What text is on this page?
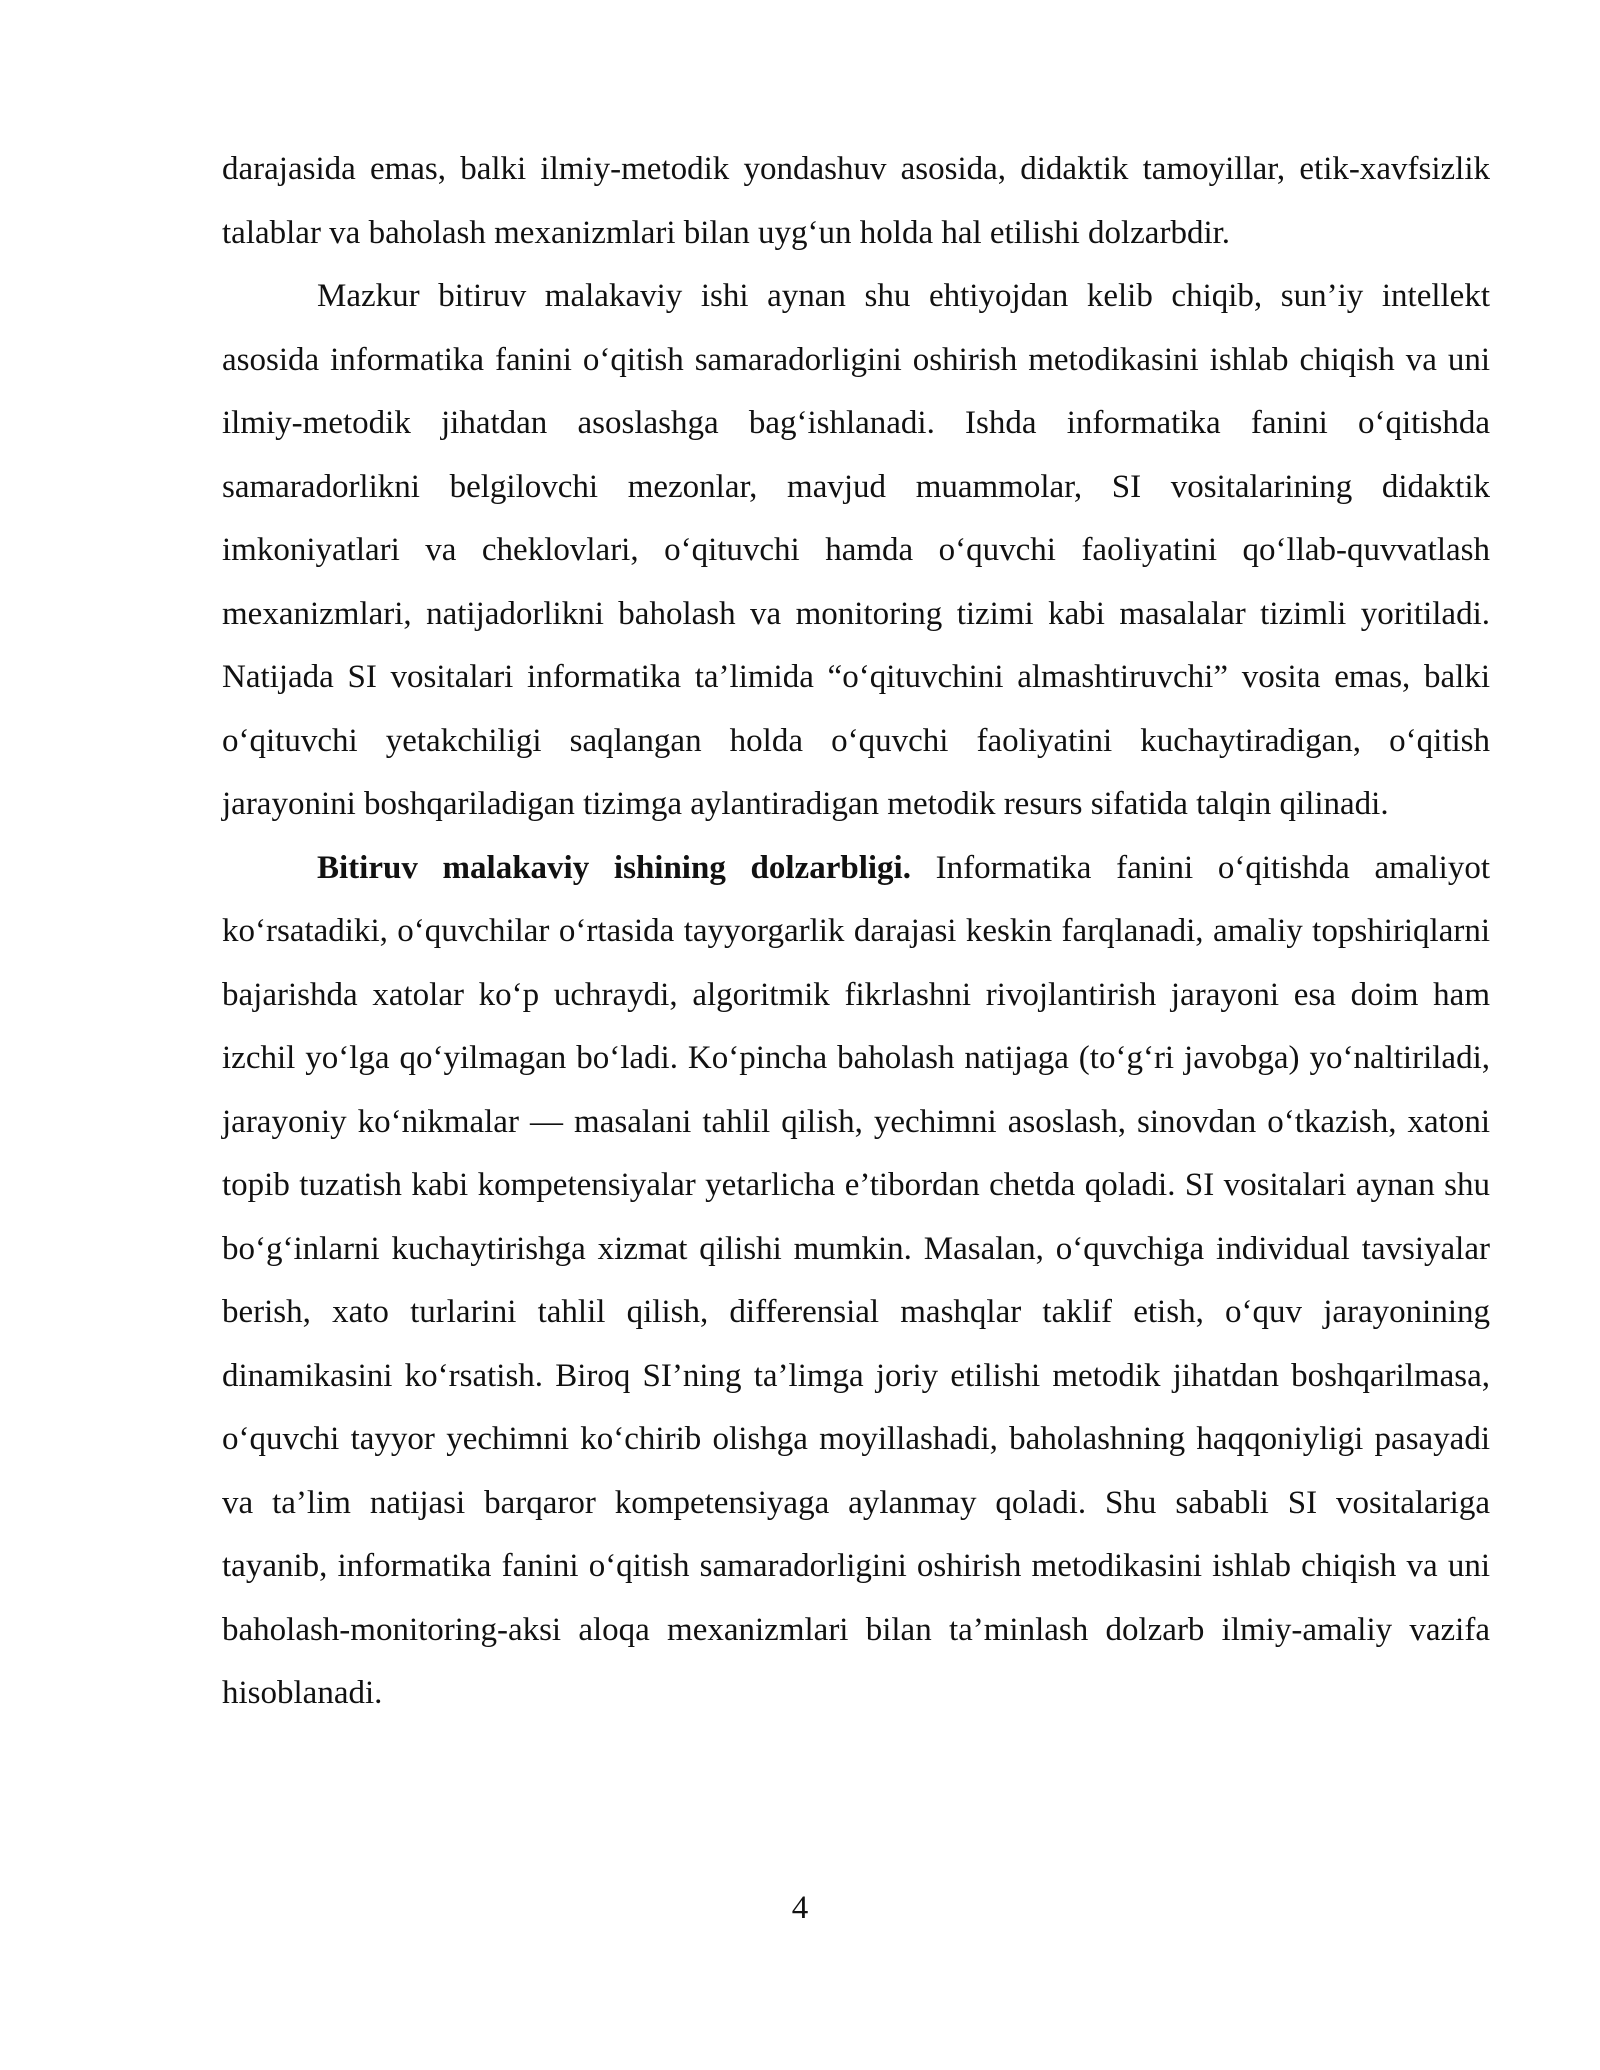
darajasida emas, balki ilmiy-metodik yondashuv asosida, didaktik tamoyillar, etik-xavfsizlik talablar va baholash mexanizmlari bilan uyg‘un holda hal etilishi dolzarbdir.

Mazkur bitiruv malakaviy ishi aynan shu ehtiyojdan kelib chiqib, sun’iy intellekt asosida informatika fanini o‘qitish samaradorligini oshirish metodikasini ishlab chiqish va uni ilmiy-metodik jihatdan asoslashga bag‘ishlanadi. Ishda informatika fanini o‘qitishda samaradorlikni belgilovchi mezonlar, mavjud muammolar, SI vositalarining didaktik imkoniyatlari va cheklovlari, o‘qituvchi hamda o‘quvchi faoliyatini qo‘llab-quvvatlash mexanizmlari, natijadorlikni baholash va monitoring tizimi kabi masalalar tizimli yoritiladi. Natijada SI vositalari informatika ta’limida “o‘qituvchini almashtiruvchi” vosita emas, balki o‘qituvchi yetakchiligi saqlangan holda o‘quvchi faoliyatini kuchaytiradigan, o‘qitish jarayonini boshqariladigan tizimga aylantiradigan metodik resurs sifatida talqin qilinadi.

Bitiruv malakaviy ishining dolzarbligi. Informatika fanini o‘qitishda amaliyot ko‘rsatadiki, o‘quvchilar o‘rtasida tayyorgarlik darajasi keskin farqlanadi, amaliy topshiriqlarni bajarishda xatolar ko‘p uchraydi, algoritmik fikrlashni rivojlantirish jarayoni esa doim ham izchil yo‘lga qo‘yilmagan bo‘ladi. Ko‘pincha baholash natijaga (to‘g‘ri javobga) yo‘naltiriladi, jarayoniy ko‘nikmalar — masalani tahlil qilish, yechimni asoslash, sinovdan o‘tkazish, xatoni topib tuzatish kabi kompetensiyalar yetarlicha e’tibordan chetda qoladi. SI vositalari aynan shu bo‘g‘inlarni kuchaytirishga xizmat qilishi mumkin. Masalan, o‘quvchiga individual tavsiyalar berish, xato turlarini tahlil qilish, differensial mashqlar taklif etish, o‘quv jarayonining dinamikasini ko‘rsatish. Biroq SI’ning ta’limga joriy etilishi metodik jihatdan boshqarilmasa, o‘quvchi tayyor yechimni ko‘chirib olishga moyillashadi, baholashning haqqoniyligi pasayadi va ta’lim natijasi barqaror kompetensiyaga aylanmay qoladi. Shu sababli SI vositalariga tayanib, informatika fanini o‘qitish samaradorligini oshirish metodikasini ishlab chiqish va uni baholash-monitoring-aksi aloqa mexanizmlari bilan ta’minlash dolzarb ilmiy-amaliy vazifa hisoblanadi.

4
